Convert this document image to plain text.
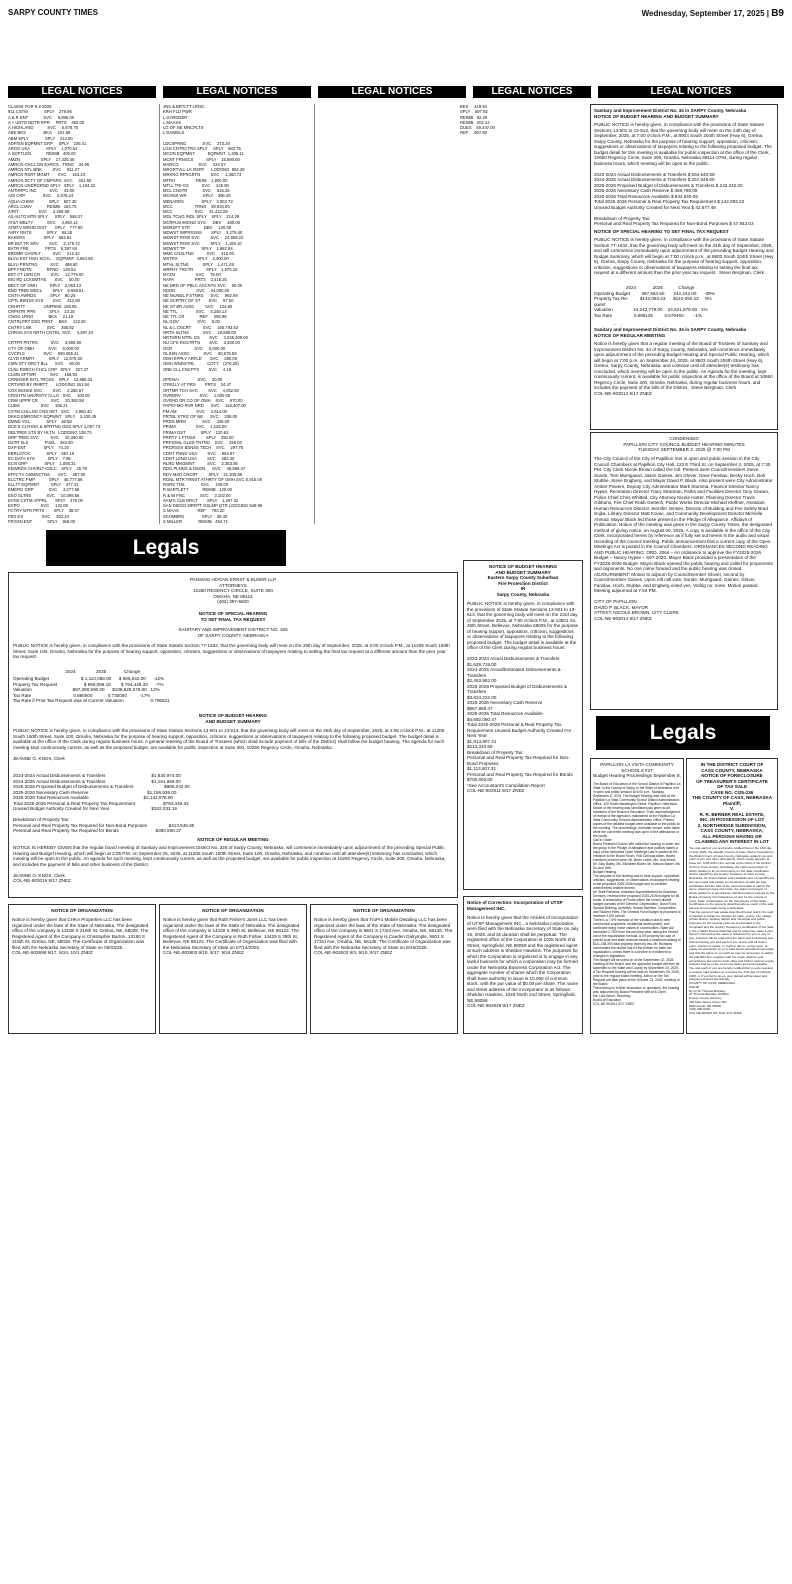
SARPY COUNTY TIMES	Wednesday, September 17, 2025 | B9
LEGAL NOTICES	LEGAL NOTICES	LEGAL NOTICES	LEGAL NOTICES	LEGAL NOTICES
CLAIMS FOR 9-2-2025
911 CSTM              SPLY    379.96
A & R ENT             SVC     6,895.00
A + UNTD NDTR RPR     PRTS    450.00
A HIGHLAND            SVC     5,678.75
ABE BKS               BKS     101.58
ABM SPLY              SPLY    213.50
ADP/SN EQPMNT GRP     SPLY    235.41
ARGG USA              SPLY    1,070.51
A SOFTLEN             REIMB   400.00
AMZN                  SPLY    17,435.48
AMRCN CNCL ON EXRCS   TRNG    34.95
AMRCN NTL BNK         SVC     811.27
AMRCN RSRT MGMT       SVC     163.23
AMRCN SCTY OF CMPSRS  SVC     461.50
AMRCN UNDRGRND SPLY   SPLY    1,104.32
ANTHRPC INC           SVC     43.00
AOI CRP               SVC     2,678.24
AQUA-CHEM             SPLY    607.30
ARCL CSNV             REIMB   154.75
A/R/T                 SVC     2,258.58
AS AUTO MTR SPLY      SPLY    569.27
AT&T MBLTY            SVC     4,460.14
ATMTV WRHD DIST       SPLY    777.60
AVRY RNTS             SPLY    84.35
BAKERS                SPLY    563.61
BR BLT TR SRV         SVC     2,175.72
BXTR FRE              PRTS    8,397.84
BRDMR CHVRLT          SVC     212.42
BLVU EST HGH SCHL     EQPMNT  2,584.85
BLVU PRNTNG           SVC     488.60
BPF FNDTN             RFND    129.54
BST CT LWN CR         SVC     12,775.00
BIG RD LCKSMTHS       SVC     50.00
BBCT OF OMH           SPLY    2,063.13
BND TREE MDCL         SPLY    9,658.51
CNTH AWRDS            SPLY    80.25
CPTL BSNSS SYS        SVC     412.60
CRHRTT                UNFRMS  180.85
CRPNTR PPR            SPLY    13.18
CNGG LRNG             BKS     21.19
CNTRLPRT DSG PRNT     BKS     122.50
CNTRY LNK             SVC     355.82
CHRSS SYS NRTH CNTRL  SVC     4,287.10

CRTPR PNTRS           SVC     3,595.50
CTY OF OMH            SVC     6,000.00
CVCPLS                SVC     590,065.41
CLYD ARMRY            SPLY    12,675.00
CMN STY DRCT BLL      SVC     60.00
CLNL RSRCH CHCL CRP   SPLY    327.37
CLMN SFTWR            SVC     168.93
CRNHSKR INTL TRCKS    SPLY    12,888.32
CRTVRD BY RMRTT       LODGING 261.94
COX BSNSS SVC         SVC     2,266.57
CRGHTN UNVRSTY CLLG   SVC     100.00
CRW UPPR CR           SVC     20,382.58
CUBS                  SVC     155.21
CSTM CHLLNG CNS NET   SVC     2,950.40
DKKO EMRGNCY EQPMNT   SPLY    2,430.45
DMND VGL              SPLY    48.59
DCK'S CLTHNG & SPRTNG GDS SPLY 1,057.73
DBLTREE STS BY HLTN   LODGING 138.73
DRP TREE SVC          SVC     10,350.00
DSTR SLS              FUEL    283.50
DXP ENT               SPLY    74.20
EBRLSTCK              SPLY    657.16
EC DATA SYS           SPLY    7.95
ECN GRP               SPLY    1,085.31
EDWRDS CHVRLT-CDLC    SPLY    25.79
EFFCTV CMMNCTNS       SVC     357.00
ELCTRC PMP            SPLY    45,777.56
ELLTT EQPMNT          SPLY    477.41
EMERG GRP             SVC     3,277.56
ESO SLTNS             SVC     10,006.56
EVNS CSTM APPRL       SPLY    475.00
EXPO                  SVC     122.08
FCTRY MTR PRTS        SPLY    38.97
FED EX                SVC     302.24
FRGSN ENT             SPLY    368.00

JNS & BRTLTT LRNG
KRH FLD PWR
L GARDNER
L MAASS
LG OF NE MNCPLTS
L DANIELS

LDCSPRNG              SVC     373.28
LGN CNTRCTRS SPLY     SPLY    582.75
MCON EQPMNT           EQPMNT  1,305.11
MCNT FRNSCS           SPLY    15,560.00
MARCO                 SVC     222.57
MRGRTVLL LK RSRT      LODGNG  602.28
MRKNG RFRGRTN         SVC     1,360.73
MTRH                  REIM    1,900.00
MTLL TRI-GS           SVC     245.80
MCL CNSTR             SVC     616.25
MCHNX WR              SPLY    396.48
MENARDS               SPLY    3,003.73
MCC                   TRNG    39,934.00
MCC                   SVC     31,412.08
MDL TCHG INDL SPLY    SPLY    214.29
MCRFLM IMGNG SYS      DBV     480.00
MDRSFT STR            DBV     130.09
MDWST IMPRSSNS        SPLY    3,275.40
MDWST ROW SVC         SVC     22,659.22
MDWST ROW SVC         SPLY    1,189.10
MDWST TP              SPLY    1,682.94
MMC CNSLTNG           SVC     415.00
MSTRX                 SPLY    3,300.00
MTHL SLTNS            SPLY    1,471.48
MRPHY TRCTR           SPLY    1,670.15
MYZN                  SVC     75.00
NAPA                  PRTS    3,416.25
NE BRD OF PBLC ACCNTS SVC     90.00
NDOD                  SVC     24,000.00
NE MUNDL F'STNRS      SVC     962.99
NE SCRTRY OF ST       SVC     97.50
NE ST BR ASSC         SVC     124.85
NE TTL                SVC     3,248.13
NE TTL CR             REF     208.98
NL GOV                SVC     6.00
NL & L CNCRT          SVC     165,793.52
NRTH SLTNS            SVC     18,698.00
NRTHRN NTRL GS        SVC     3,028,209.00
NU CFS RGSTRTN        SVC     3,300.00
OCR                   SVC     5,000.00
OLSSN ASSC            SVC     90,578.59
OMH EPPLY ARFLD       SVC     280.00
OMH WNDSTRL           COTT    (276.26)
ONE CLL CNCPTS        SVC     4.19

OPENAI                SVC     20.00
O'RELLY AT PRS        PRTS    34.47
ORTMR TCH SVC         SVC     4,052.80
OVRDRV                SVC     1,000.00
OVRHD DR CO OF OMH    SVC     970.00
PAPIO-MO RVR NRD      SVC     118,407.00
PM AM                 SVC     2,514.00
PRTBL STRG OF NE      SVC     338.00
PRDS MRM              SVC     345.00
PRIMA                 SVC     1,125.00
PRIMA DST             SPLY    120.63
PRRTY 1 FTNSS         SPLY    450.00
PRFSSNL GLSS TNTNG    SVC     326.00
PRGRSSV BSNSS TECH    SVC     297.75
CDNT FNND USA         SVC     864.87
CDNT LSNG USA         SVC     282.30
RLRD MNGMNT           SVC     2,353.85
RDG PLNNG & DSGN      SVC     46,598.47
RDY MXD CNCRT         SPLY    21,305.88
RGNL MTR TRNST ATHRTY OF OMH SVC 6,915.00
RGRS TNS              SVC     100.00
R BARTLETT            REIMB   120.00
R & W FNC             SVC     3,102.00
SAM'S CLB DRCT        SPLY    1,297.32
SAN DIEGO MRRTT GSLMP QTR LODGING 549.96
S MAAS                REF     793.20
SCHMBRG               SPLY    38.40
S MILLER              REIMB   494.71

BKS     419.94
SPLY    597.92
REIMB   92.29
REIMB   204.12
DUES    59,447.00
REF     607.60
Legals
PANSING HOGAN ERNST & BUSER LLP
ATTORNEYS
10250 REGENCY CIRCLE, SUITE 300
OMAHA, NE 68114
(402) 397-5500
NOTICE OF SPECIAL HEARING
TO SET FINAL TAX REQUEST
SANITARY AND IMPROVEMENT DISTRICT NO. 326
OF SARPY COUNTY, NEBRASKA
PUBLIC NOTICE is hereby given, in compliance with the provisions of State Statute Section 77-1632, that the governing body will meet on the 25th day of September, 2025, at 2:00 o'clock P.M., at 11205 South 150th Street, Suite 100, Omaha, Nebraska for the purpose of hearing support, opposition, criticism, suggestions or observations of taxpayers relating to setting the final tax request at a different amount than the prior year tax request.
2024                2025              Change
Operating Budget                         $ 1,110,088.00      $ 986,042.00      -12%
Property Tax Request                     $ 856,059.19        $ 794,449.33      -7%
Valuation                                $97,280,590.00      $108,828,676.00   12%
Tax Rate                                 0.880000            0.730000          -17%
Tax Rate if Prior Tax Request was at Current Valuation                     0.786621
NOTICE OF BUDGET HEARING
AND BUDGET SUMMARY
PUBLIC NOTICE is hereby given, in compliance with the provisions of State Statute Sections 13-501 to 13-513, that the governing body will meet on the 25th day of September, 2025, at 2:05 o'clock P.M., at 11205 South 150th Street, Suite 100, Omaha, Nebraska for the purpose of hearing support, opposition, criticism, suggestions or observations of taxpayers relating to the following proposed budget. The budget detail is available at the office of the Clerk during regular business hours. A general meeting of the Board of Trustees (which shall include payment of bills of the District) shall follow the budget hearing. The agenda for such meeting kept continuously current, as well as the proposed budget, are available for public inspection at Suite 300, 10250 Regency Circle, Omaha, Nebraska.

JEANNE O. KNOX, Clerk
2023-2024 Actual Disbursements & Transfers                                    $1,830,974.00
2024-2025 Actual Disbursements & Transfers                                    $1,161,686.00
2025-2026 Proposed Budget of Disbursements & Transfers                        $986,042.00
2025-2026 Necessary Cash Reserve                                              $1,156,936.00
2025-2026 Total Resources Available                                           $2,142,978.00
Total 2025-2026 Personal & Real Property Tax Requirement                      $794,449.33
Unused Budget Authority Created for Next Year                                 $342,032.19

Breakdown of Property Tax:
Personal and Real Property Tax Required for Non-Bond Purposes                 $413,548.96
Personal and Real Property Tax Required for Bonds                             $380,900.37
NOTICE OF REGULAR MEETING
NOTICE IS HEREBY GIVEN that the regular board meeting of Sanitary and Improvement District No. 326 of Sarpy County, Nebraska, will commence immediately upon adjournment of the preceding Special Public Hearing and Budget Hearing, which will begin at 2:05 P.M. on September 25, 2025, at 11205 South 150th Street, Suite 100, Omaha, Nebraska, and continue until all attendee(s) testimony has concluded, which meeting will be open to the public. An agenda for such meeting, kept continuously current, as well as the proposed budget, are available for public inspection at 10250 Regency Circle, Suite 300, Omaha, Nebraska, and includes the payment of bills and other business of the District.

JEANNE O. KNOX, Clerk
COL-NE-903019 9/17 ZNEZ
NOTICE OF ORGANIZATION
Notice is hereby given that CHKA Properties LLC has been organized under the laws of the State of Nebraska. The designated office of the company is 13180 S 219th St, Gretna, NE, 68028. The Registered Agent of the Company is Christopher Barton, 13180 S 219th St, Gretna, NE, 68028. The Certificate of Organization was filed with the Nebraska Secretary of State on 09/03/25.
COL-NE-902698 9/17, 9/24, 10/1 ZNEZ
NOTICE OF ORGANIZATION
Notice is hereby given that Ruth Fisher's Jams LLC has been organized under the laws of the State of Nebraska. The designated office of the company is 14429 S 39th St, Bellevue, NE 68123. The Registered Agent of the Company is Ruth Fisher, 14429 S 39th St, Bellevue, NE 68123. The Certificate of Organization was filed with the Nebraska Secretary of State on 07/14/2025.
COL-NE-902903 9/10, 9/17, 9/24 ZNEZ
NOTICE OF ORGANIZATION
Notice is hereby given that TruPro Mobile Detailing LLC has been organized under the laws of the State of Nebraska. The designated office of the company is 9601 S 173rd Ave, Omaha, NE, 68136. The Registered Agent of the Company is Caeden Dalrymple, 9601 S 173rd Ave, Omaha, NE, 68136. The Certificate of Organization was filed with the Nebraska Secretary of State on 8/25/2025.
COL-NE-902603 9/3, 9/10, 9/17 ZNEZ
NOTICE OF BUDGET HEARING
AND BUDGET SUMMARY
Eastern Sarpy County Suburban
Fire Protection District
IN
Sarpy County, Nebraska
PUBLIC NOTICE is hereby given, in compliance with the provisions of State Statute Sections 13-501 to 13-513, that the governing body will meet on the 23rd day of September 2025, at 7:00 o'clock P.M., at 13501 So. 25th Street, Bellevue, Nebraska 68005 for the purpose of hearing support, opposition, criticism, suggestions or observations of taxpayers relating to the following proposed budget. The budget detail is available at the office of the Clerk during regular business hours.

2023-2024 Actual Disbursements & Transfers
$1,628,719.00
2024-2025 Actual/Estimated Disbursements & Transfers
$2,453,952.00
2025-2026 Proposed Budget of Disbursements & Transfers
$3,824,222.00
2025-2026 Necessary Cash Reserve
$867,868.47
2025-2026 Total Resources Available
$4,692,090.47
Total 2025-2026 Personal & Real Property Tax Requirement Unused Budget Authority Created For Next Year
$1,813,807.31
$213,310.69
Breakdown of Property Tax:
Personal and Real Property Tax Required for Non-Bond Purposes
$1,113,807.31
Personal and Real Property Tax Required for Bonds
$700,000.00
*See Accountant's Compilation Report
COL-NE-902911 9/17 ZNEZ
Notice of Correction: Incorporation of UTSP Management INC.
Notice is hereby given that the Articles of Incorporation of UTSP Management INC., a Nebraska corporation, were filed with the Nebraska Secretary of State on July 15, 2025, and its duration shall be perpetual. The registered office of the Corporation is 1025 North 2nd Street, Springfield, NE 68059 and the registered agent at such address is Sheldon Hawkins. The purposes for which the Corporation is organized is to engage in any lawful business for which a corporation may be formed under the Nebraska Business Corporation Act. The aggregate number of shares which the Corporation shall have authority to issue is 10,000 of common stock, with the par value of $0.00 per share. The name and street address of the incorporator is as follows: Sheldon Hawkins, 1025 North 2nd Street, Springfield, NE 68059.
COL-NE-902949 9/17 ZNEZ
Sanitary and Improvement District No. 34 in SARPY County, Nebraska
NOTICE OF BUDGET HEARING AND BUDGET SUMMARY
PUBLIC NOTICE is hereby given, in compliance with the provisions of State Statute Sections 13-501 to 13-513, that the governing body will meet on the 24th day of September, 2025, at 7:00 o'clock P.M., at 8803 South 204th Street (Hwy 6), Gretna, Sarpy County, Nebraska for the purpose of hearing support, opposition, criticism, suggestions or observations of taxpayers relating to the following proposed budget. The budget detail for this meeting is available for public inspection at the office of the Clerk, 10650 Regency Circle, Suite 200, Omaha, Nebraska 68114-3794, during regular business hours, which meeting will be open to the public.

2023-2024 Actual Disbursements & Transfers $ 594,640.59
2024-2025 Actual Disbursements & Transfers $ 257,645.00
2025-2026 Proposed Budget of Disbursements & Transfers $ 242,242.00
2025-2026 Necessary Cash Reserve $ 369,786.09
2025-2026 Total Resources Available $ 832,040.09
Total 2025-2026 Personal & Real Property Tax Requirement $ 142,093.23
Unused Budget Authority Created for Next Year $ 42,677.46

Breakdown of Property Tax:
Personal and Real Property Tax Required for Non-Bond Purposes $ 47,942.03

NOTICE OF SPECIAL HEARING TO SET FINAL TAX REQUEST
PUBLIC NOTICE is hereby given, in compliance with the provisions of State Statute Section 77-1632, that the governing body will meet on the 24th day of September, 2025, and will commence immediately upon adjournment of the preceding Budget Hearing and Budget Summary, which will begin at 7:00 o'clock p.m., at 8803 South 204th Street (Hwy 6), Gretna, Sarpy County, Nebraska for the purpose of hearing support, opposition, criticism, suggestions or observations of taxpayers relating to setting the final tax request at a different amount than the prior year tax request.  Steve Bergman, Clerk.
2024             2025            Change
Operating Budget         397,684.50       242,242.00      -39%
Property Tax Re-         $142,093.23      $142,093.23     0%
quest
Valuation                24,242,779.00    24,521,679.00   1%
Tax Rate                 0.586126         0.579460        -1%

Sanitary and Improvement District No. 34 in SARPY County, Nebraska
NOTICE OF REGULAR MEETING
Notice is hereby given that a regular meeting of the Board of Trustees of Sanitary and Improvement District No. 34 of Sarpy County, Nebraska, will commence immediately upon adjournment of the preceding Budget Hearing and Special Public Hearing, which will begin at 7:00 p.m. on September 24, 2025, at 8803 South 204th Street (Hwy 6), Gretna, Sarpy County, Nebraska, and continue until all attendee(s) testimony has concluded, which meeting will be open to the public. An Agenda for the meeting, kept continuously current, is available for public inspection at the office of the Board at 10650 Regency Circle, Suite 200, Omaha, Nebraska, during regular business hours, and includes the payment of the bills of the District.  Steve Bergman, Clerk
COL-NE-903012 9/17 ZNEZ
CONDENSED
PAPILLION CITY COUNCIL BUDGET HEARING MINUTES
TUESDAY SEPTEMBER 2, 2025 @ 7:00 PM
The City Council of the City of Papillion met in open and public session in the City Council Chambers at Papillion City Hall, 122 E Third St. on September 2, 2025, at 7:30 PM. City Clerk Nicole Brown called the roll. Present were Councilmembers Steve Sunde, Tom Mumgaard, Jason Gaines, Jim Glover, Dave Fanslau, Becky Hoch, Bob Stubbe, Steve Engberg, and Mayor David P. Black. Also present were City Administrator Amber Powers, Deputy City Administrator Mark Stursma, Finance Director Nancy Hypse, Recreation Director Tracy Stratman, Parks and Facilities Director Tony Gowan, Police Chief Chris Whitted, City Attorney Nicole Hutter, Planning Director Travis Gibbons, Fire Chief Robb Gettech, Public Works Director Michael Kleffner, Assistant Human Resources Director Jennifer Jensen, Director of Building and Fire Safety Brad Sojka, Library Director Matt Kovac, and Community Development Director Michelle Ahmad. Mayor Black led those present in the Pledge of Allegiance. Affidavit of Publication: Notice of the meeting was given in the Sarpy County Times, the designated method of giving notice, on August 20, 2025. A copy is available in the office of the City Clerk. Incorporated herein by reference as if fully set out herein is the audio and visual recording of the council meeting. Public announcement that a current copy of the Open Meetings Act is posted in the Council Chambers. ORDINANCES SECOND READING AND PUBLIC HEARING: ORD. 2064 – An ordinance to approve the FY2025-2026 Budget – Nancy Hypse – S97-2020. Mayor Black provided a presentation of the FY2025-2026 Budget. Mayor Black opened the public hearing and called for proponents and opponents. No one came forward and the public hearing was closed. ADJOURNMENT: Motion to adjourn by Councilmember Glover, second by Councilmember Gaines. Upon roll call vote, Sunde, Mumgaard, Gaines, Glover, Fanslau, Hoch, Stubbe, and Engberg voted yes. Voting no: none. Motion passed. Meeting adjourned at 7:54 PM.

CITY OF PAPILLION
DAVID P. BLACK, MAYOR
ATTEST: NICOLE BROWN, CITY CLERK
COL-NE-903014 9/17 ZNEZ
Legals
PAPILLION LA VISTA COMMUNITY
SCHOOLS #27
Budget Hearing Proceedings September 8,
The Board of Education of the School District of Papillion La Vista, in the County of Sarpy, in the State of Nebraska, met in open and public session at 6:00 p.m., Monday, September 8, 2025. The Budget Hearing was held at the Papillion La Vista Community School District Administration Office, 420 South Washington Street, Papillion, Nebraska.
Notice of the hearing was simultaneously given to all members of the Board of Education. Their acknowledgment of receipt of the agenda is maintained at the Papillion La Vista Community Schools Administration Office. Printed copies of the detailed budget were available to the public at the meeting. The proceedings, hereafter shown, were taken while the convened meeting was open to the attendance of the public.
Call to Order
Board President SuAnn Witt called the hearing to order, led the group in the Pledge of Allegiance and publicly stated a copy of the Nebraska Open Meetings Law is posted at the entrance to the Board Room. Roll Call was taken. Board members present were: Mr. Brian Ledes, Ms. Lisa Wood, Mr. Skip Bailey, Ms. Elizabeth Butler, Mr. Marcus Mader, Ms. Su-Ann Witt.
Budget Hearing
The purpose of the hearing was to hear support, opposition, criticism, suggestions, or observations of taxpayers relating to the proposed 2025-2026 budget and to consider amendments relative thereto.
Mr. Brett Richards, Assistant Superintendent for Business Services, reviewed the proposed 2025-2026 budgets for all funds. A breakdown of Funds within the school district budget consists of the General, Depreciation, Bond Fund, Special Building, Activities, School Nutrition, Cooperative, and Student Fees. The General Fund Budget is proposed to increase 2.6% overall.
There is a 7.6% increase of the valuation due to new commercial properties, residential development, and continued rising home values in communities. State Aid increased 2.75% from the previous year, taking the District out of the equalization formula. A 3% property tax cap of overall local and state revenue means a maximum asking of $111,038,393 total property taxes by law. Mr. Richards commented the district has hit the bottom for state aid equalization, unless there is a decline in enrollment or changes in legislation.
The budget will be voted on at the September 22, 2025, meeting of the Board, and the approved budget will then be submitted to the State and County by September 23, 2025. A Tax Request hearing will be held on September 29, 2025, prior to the regular board meeting. Action on the Tax Request will take place at the October 13, 2025, meeting of the Board.
There being no further discussion or questions, the hearing was adjourned by Board President Witt at 6:13pm.
Ms. Lisa Wood, Secretary
Board of Education
COL-NE-903011 9/17 ZNEZ
IN THE DISTRICT COURT OF
CASS COUNTY, NEBRASKA
NOTICE OF FORECLOSURE
OF TREASURER'S CERTIFICATE
OF TAX SALE
CASE NO. CI25-236
THE COUNTY OF CASS, NEBRASKA
Plaintiff,
V.
R. R. BERNER REAL ESTATE,
INC. IN POSSESSION OF LOT
2, NORTHRIDGE SUBDIVISION,
CASS COUNTY, NEBRASKA;
ALL PERSONS HAVING OR
CLAIMING ANY INTEREST IN LOT

You and each of you are hereby notified that on the 16th day of July, 2025, the plaintiff, County of Cass, filed a Complaint in the District Court of Cass County, Nebraska, against you and each of you and other defendants, which cause appears at Case No. CI25-236 in the records of the Clerk of the District Court of Cass County, Nebraska, the object and prayer of which petition is for an accounting on Tax Sale Certificates sold to plaintiff by the County Treasurer of Cass County, Nebraska; for determination and establishment of plaintiff's tax lien upon said real estate; for foreclosure of said tax sale certificates and the sale of the said real estate to satisfy the same, attorney's fees and costs; the object and prayer of which petition is in accordance with Resolutions passed by the Board of County Commissioners of and for the County of Cass, State of Nebraska, for the foreclosure of Tax Sales Certificates on the property described above, each of the said parcels of real estate being a defendant.
That the parcel of real estate described herein and in the said Complaint is subject to taxation for state, county, city, village, school district, sanitary district and municipal and public purposes for the several years as enumerated in the Complaint and the County Treasurer's Certificates of Tax Sale in the exhibits thereto attached and by reference made a part thereof; that unless the same is redeemed by you or any of you, a decree will be entered in the said court foreclosing and forever barring you and each of you of any and all claims upon, interest or estate, in, right or title to, or lien upon, or equity of redemption on or to said herein described real estate and that the same or so much as may be necessary to satisfy the plaintiff's lien, together with the costs, shall be sold according to law and for such other and further relief as equity requires and as to the court may deem just and equitable.
You and each of you are hereby notified that you are required to answer said petition on or before the 17th day of October, 2025, or if you fail to do so, your default will be taken and judgment entered accordingly.
COUNTY OF CASS, NEBRASKA
Plaintiff
By:/s/ W. Thomas Brantley
W. Thomas Brantley, #23664
Deputy County Attorney
346 Main Street, Room 301
Plattsmouth, NE 68048
(402) 296-9346
COL-NE-902902 9/3, 9/10, 9/17 ZNEZ
